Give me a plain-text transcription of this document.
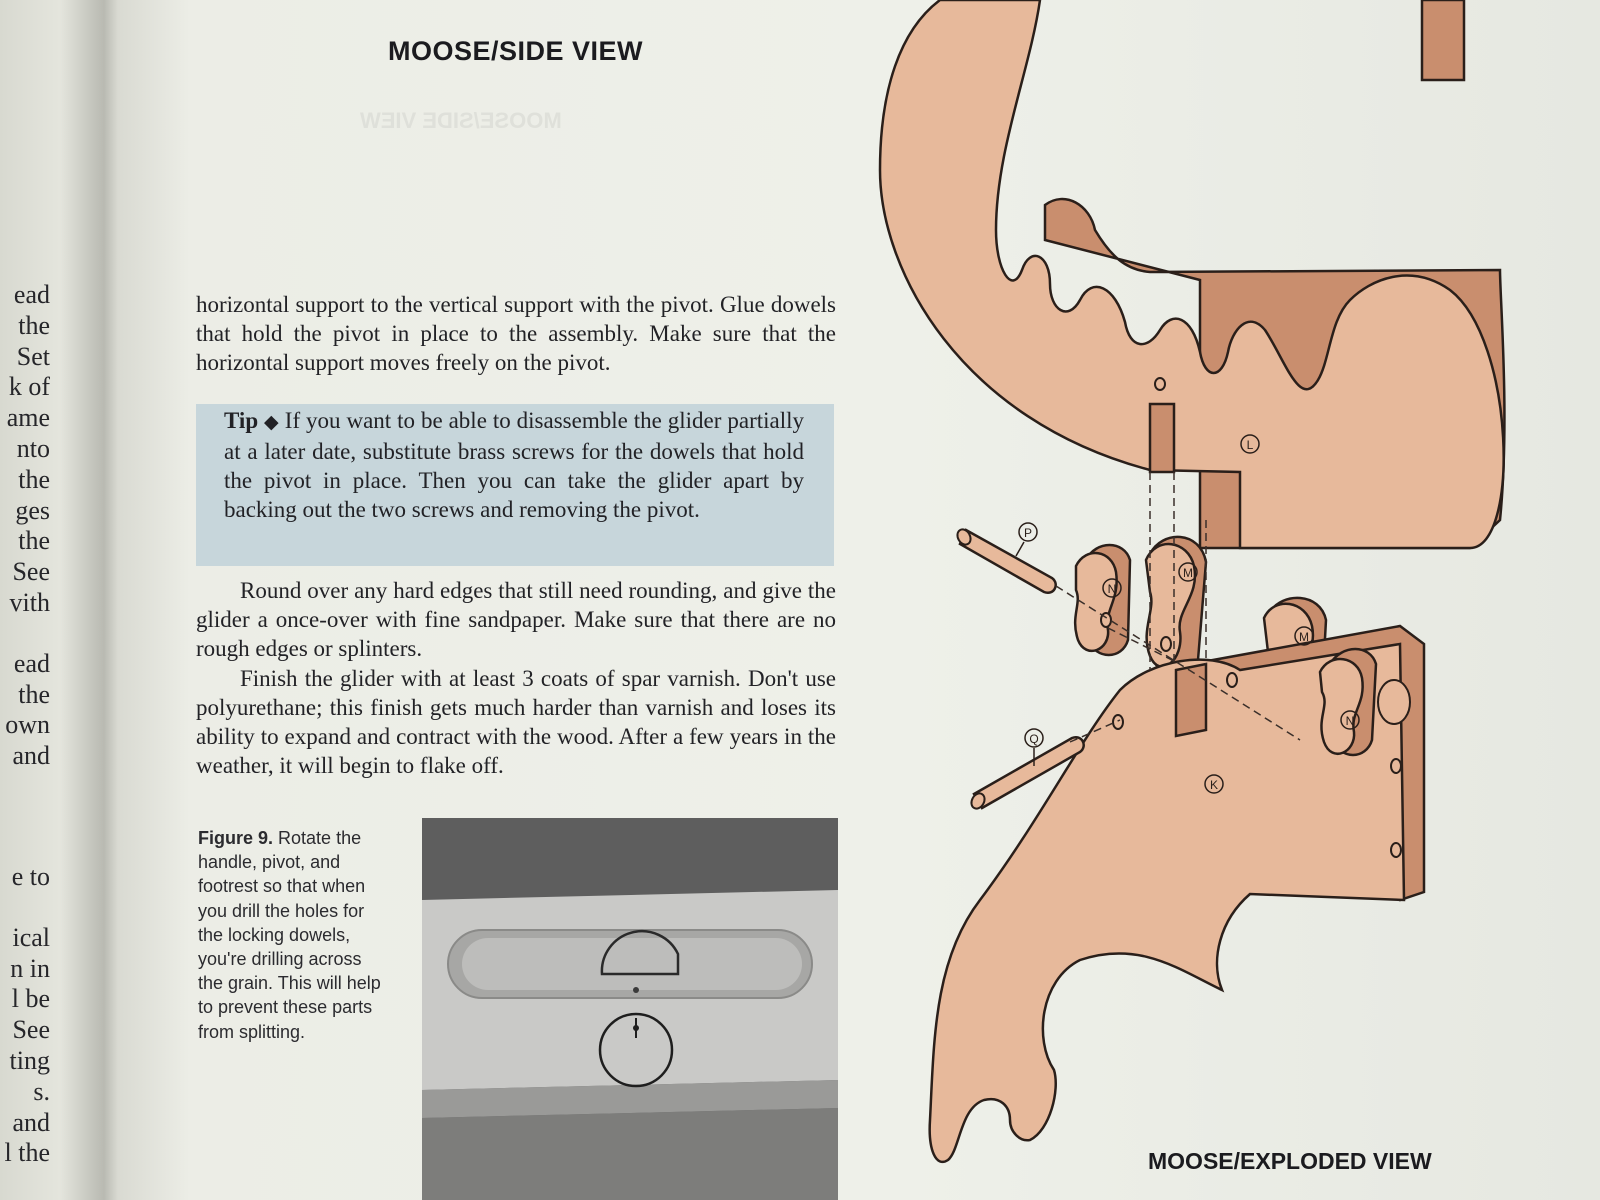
ead
the
Set
k of
ame
nto
the
ges
the
See
vith
ead
the
own
and
e to
ical
n in
l be
See
ting
s.
and
l the
MOOSE/SIDE VIEW
MOOSE/SIDE VIEW
horizontal support to the vertical support with the pivot. Glue dowels that hold the pivot in place to the assembly. Make sure that the horizontal support moves freely on the pivot.
Tip ◆ If you want to be able to disassemble the glider partially at a later date, substitute brass screws for the dowels that hold the pivot in place. Then you can take the glider apart by backing out the two screws and removing the pivot.

Round over any hard edges that still need rounding, and give the glider a once-over with fine sandpaper. Make sure that there are no rough edges or splinters.

Finish the glider with at least 3 coats of spar varnish. Don't use polyurethane; this finish gets much harder than varnish and loses its ability to expand and contract with the wood. After a few years in the weather, it will begin to flake off.

Figure 9. Rotate the handle, pivot, and footrest so that when you drill the holes for the locking dowels, you're drilling across the grain. This will help to prevent these parts from splitting.
L
K
M
M
N
N
P
Q
MOOSE/EXPLODED VIEW
